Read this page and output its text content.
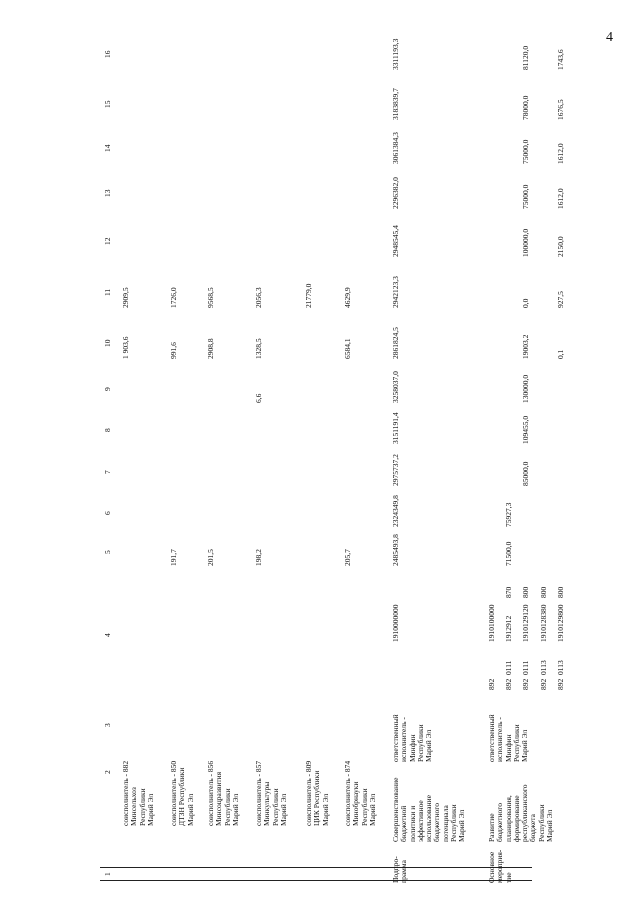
4
1
2
3
4
5
6
7
8
9
10
11
12
13
14
15
16
соисполнитель - 882
Минсельхоз
Республики
Марий Эл
1 903,6
2909,5
соисполнитель - 850
ДТЗН Республики
Марий Эл
191,7
991,6
1726,0
соисполнитель - 856
Минсоцразвития
Республики
Марий Эл
201,5
2908,8
9568,5
соисполнитель - 857
Минкультуры
Республики
Марий Эл
198,2
6,6
1328,5
2056,3
соисполнитель - 809
ЦИК Республики
Марий Эл
21779,0
соисполнитель - 874
Минобрнауки
Республики
Марий Эл
205,7
6584,1
4629,9
Подпро-
грамма
Совершенствование
бюджетной
политики и
эффективное
использование
бюджетного
потенциала
Республики
Марий Эл
ответственный
исполнитель -
Минфин
Республики
Марий Эл
1910000000
2485493,8
2324349,8
2975737,2
3151191,4
3258037,0
2861824,5
2942123,3
2948545,4
2296382,0
3061384,3
3183839,7
3311193,3
Основное
мероприя-
тие
Развитие
бюджетного
планирования,
формирование
республиканского
бюджета
Республики
Марий Эл
ответственный
исполнитель -
Минфин
Республики
Марий Эл
892
1910100000
892  0111
1912912
870
71500,0
75927,3
892  0111
1910129120
800
85000,0
109455,0
130000,0
19003,2
0,0
100000,0
75000,0
75000,0
78000,0
81120,0
892  0113
1910128380
800
892  0113
1910129800
800
0,1
927,5
2150,0
1612,0
1612,0
1676,5
1743,6
